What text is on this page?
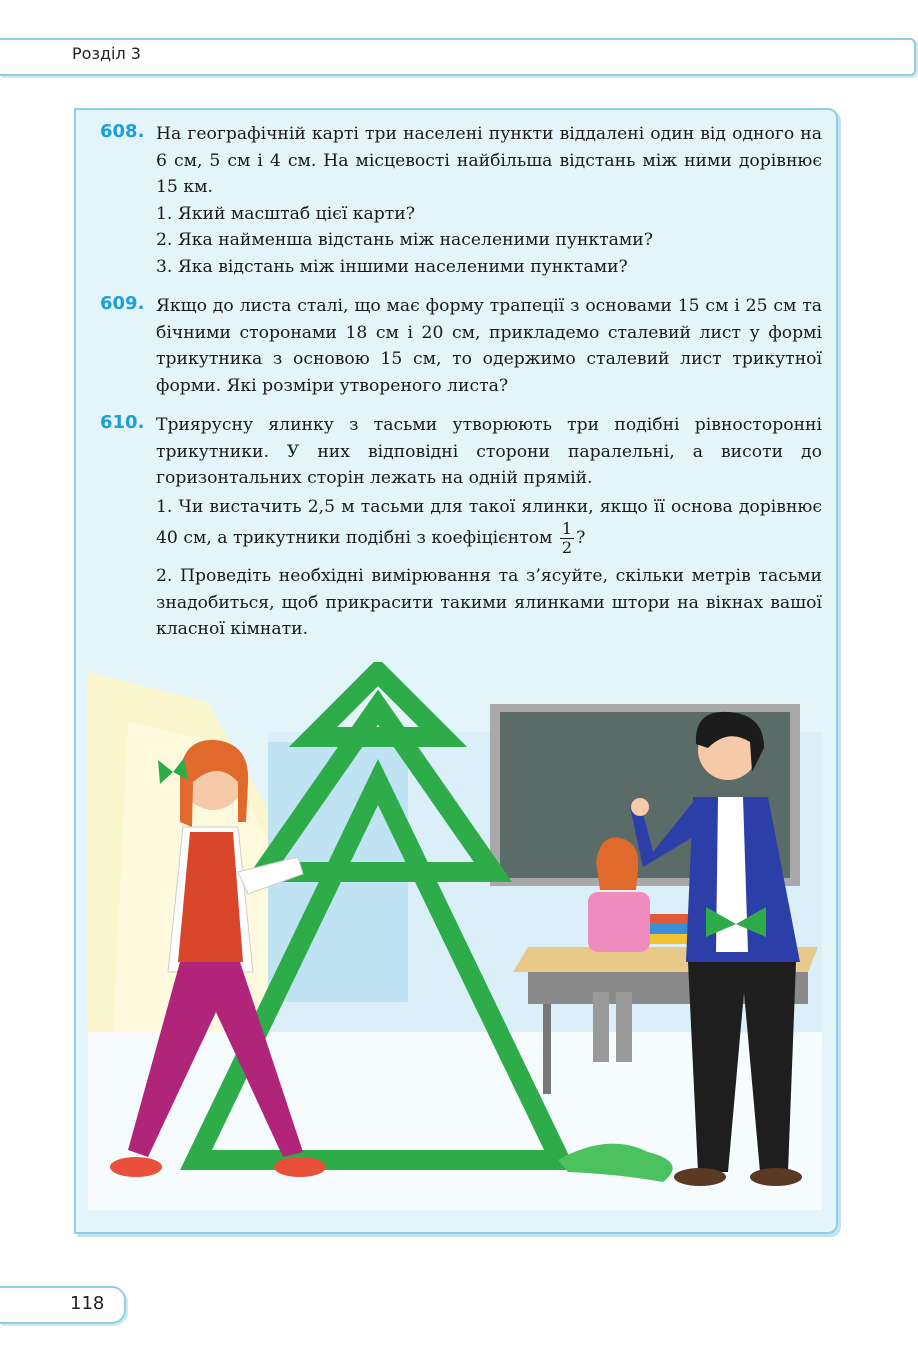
Розділ 3
608. На географічній карті три населені пункти віддалені один від одного на 6 см, 5 см і 4 см. На місцевості найбільша відстань між ними дорівнює 15 км.

1. Який масштаб цієї карти?

2. Яка найменша відстань між населеними пунктами?

3. Яка відстань між іншими населеними пунктами?

609. Якщо до листа сталі, що має форму трапеції з основами 15 см і 25 см та бічними сторонами 18 см і 20 см, прикладемо сталевий лист у формі трикутника з основою 15 см, то одержимо сталевий лист трикутної форми. Які розміри утвореного листа?

610. Триярусну ялинку з тасьми утворюють три подібні рівносторонні трикутники. У них відповідні сторони паралельні, а висоти до горизонтальних сторін лежать на одній прямій.

1. Чи вистачить 2,5 м тасьми для такої ялинки, якщо її основа дорівнює 40 см, а трикутники подібні з коефіцієнтом $\frac{1}{2}$ ?

2. Проведіть необхідні вимірювання та з’ясуйте, скільки метрів тасьми знадобиться, щоб прикрасити такими ялинками штори на вікнах вашої класної кімнати.

118
